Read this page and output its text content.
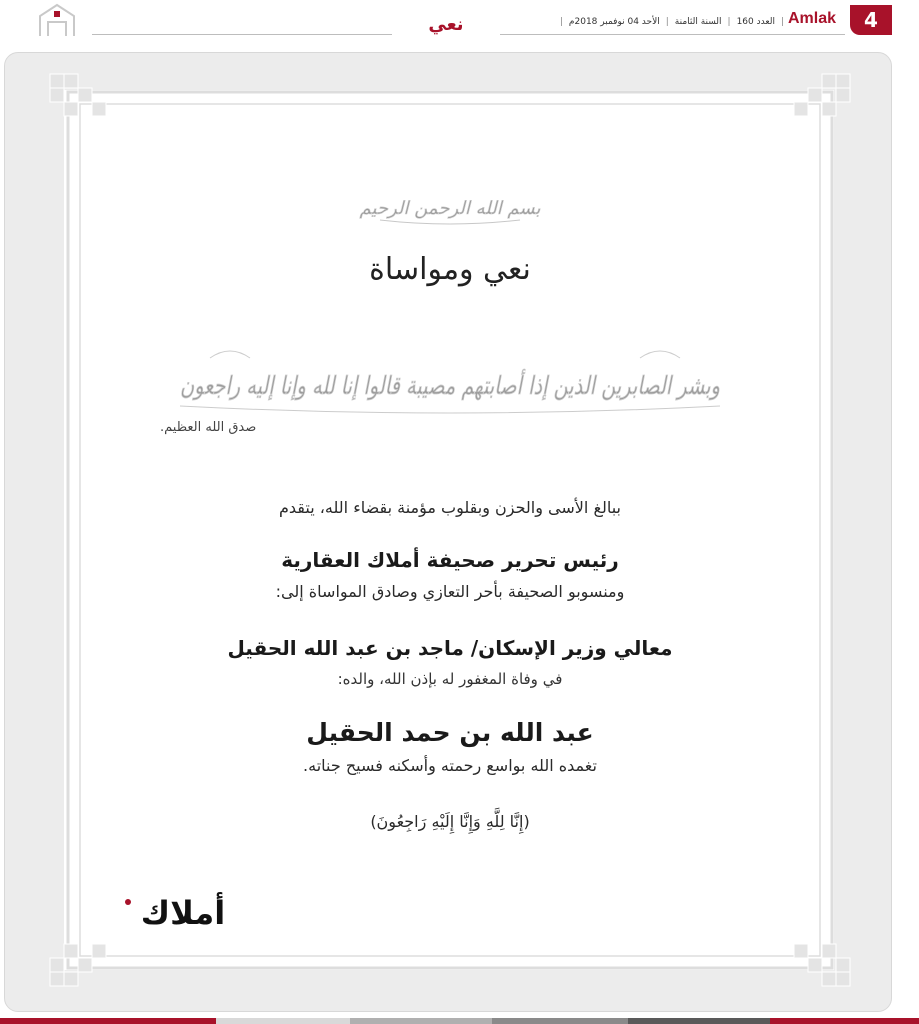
نعي	|
العدد 160
|
السنة الثامنة
|
الأحد 04 نوفمبر 2018م
|	Amlak	4
بسم الله الرحمن الرحيم
نعي ومواساة
وبشر الصابرين الذين إذا أصابتهم مصيبة قالوا إنا لله وإنا إليه راجعون
صدق الله العظيم.
ببالغ الأسى والحزن وبقلوب مؤمنة بقضاء الله، يتقدم
رئيس تحرير صحيفة أملاك العقارية
ومنسوبو الصحيفة بأحر التعازي وصادق المواساة إلى:
معالي وزير الإسكان/ ماجد بن عبد الله الحقيل
في وفاة المغفور له بإذن الله، والده:
عبد الله بن حمد الحقيل
تغمده الله بواسع رحمته وأسكنه فسيح جناته.
(إِنَّا لِلَّهِ وَإِنَّا إِلَيْهِ رَاجِعُونَ)
أملاك
